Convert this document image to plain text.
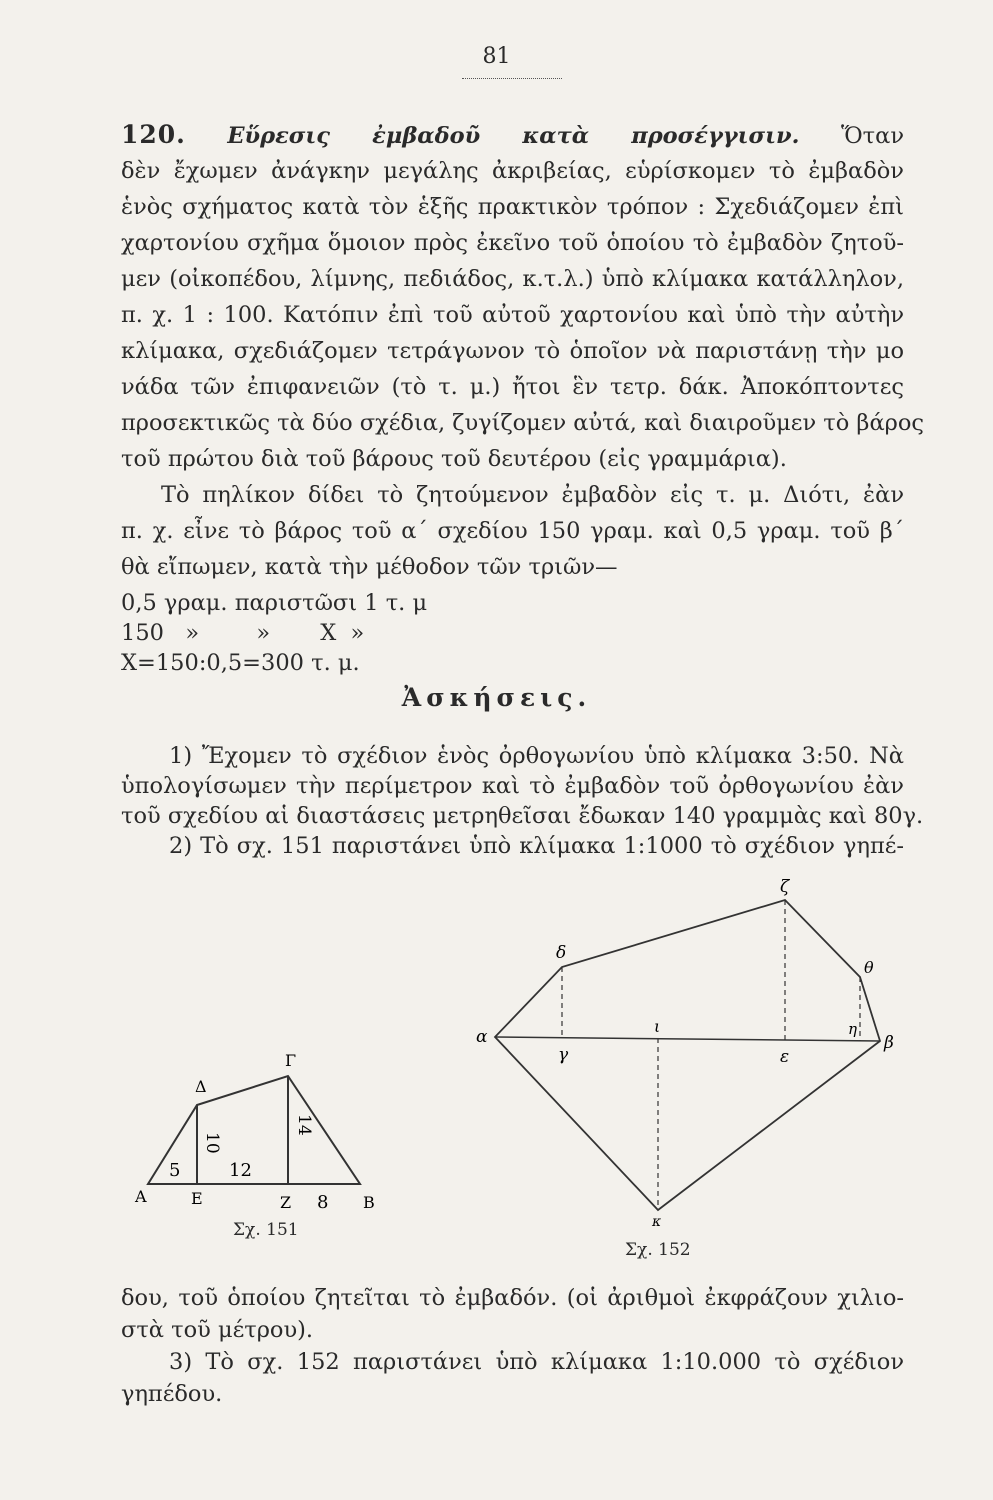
81
120. Εὕρεσις ἐμβαδοῦ κατὰ προσέγγισιν. Ὅταν
δὲν ἔχωμεν ἀνάγκην μεγάλης ἀκριβείας, εὑρίσκομεν τὸ ἐμβαδὸν
ἑνὸς σχήματος κατὰ τὸν ἑξῆς πρακτικὸν τρόπον : Σχεδιάζομεν ἐπὶ
χαρτονίου σχῆμα ὅμοιον πρὸς ἐκεῖνο τοῦ ὁποίου τὸ ἐμβαδὸν ζητοῦ-
μεν (οἰκοπέδου, λίμνης, πεδιάδος, κ.τ.λ.) ὑπὸ κλίμακα κατάλληλον,
π. χ. 1 : 100. Κατόπιν ἐπὶ τοῦ αὐτοῦ χαρτονίου καὶ ὑπὸ τὴν αὐτὴν
κλίμακα, σχεδιάζομεν τετράγωνον τὸ ὁποῖον νὰ παριστάνῃ τὴν μο
νάδα τῶν ἐπιφανειῶν (τὸ τ. μ.) ἤτοι ἓν τετρ. δάκ. Ἀποκόπτοντες
προσεκτικῶς τὰ δύο σχέδια, ζυγίζομεν αὐτά, καὶ διαιροῦμεν τὸ βάρος
τοῦ πρώτου διὰ τοῦ βάρους τοῦ δευτέρου (εἰς γραμμάρια).
Τὸ πηλίκον δίδει τὸ ζητούμενον ἐμβαδὸν εἰς τ. μ. Διότι, ἐὰν
π. χ. εἶνε τὸ βάρος τοῦ α΄ σχεδίου 150 γραμ. καὶ 0,5 γραμ. τοῦ β΄
θὰ εἴπωμεν, κατὰ τὴν μέθοδον τῶν τριῶν—
0,5 γραμ. παριστῶσι 1 τ. μ
150   »        »       X  »
X=150:0,5=300 τ. μ.
Ἀσκήσεις.
1) Ἔχομεν τὸ σχέδιον ἑνὸς ὀρθογωνίου ὑπὸ κλίμακα 3:50. Νὰ
ὑπολογίσωμεν τὴν περίμετρον καὶ τὸ ἐμβαδὸν τοῦ ὀρθογωνίου ἐὰν
τοῦ σχεδίου αἱ διαστάσεις μετρηθεῖσαι ἔδωκαν 140 γραμμὰς καὶ 80γ.
2) Τὸ σχ. 151 παριστάνει ὑπὸ κλίμακα 1:1000 τὸ σχέδιον γηπέ-
Α	Β
Γ
Δ
Ε	Ζ
5	12
8
10
14
Σχ. 151
α	β
γ
δ
ε
ζ
η
θ
ι
κ
Σχ. 152
δου, τοῦ ὁποίου ζητεῖται τὸ ἐμβαδόν. (οἱ ἀριθμοὶ ἐκφράζουν χιλιο-
στὰ τοῦ μέτρου).
3) Τὸ σχ. 152 παριστάνει ὑπὸ κλίμακα 1:10.000 τὸ σχέδιον
γηπέδου.
